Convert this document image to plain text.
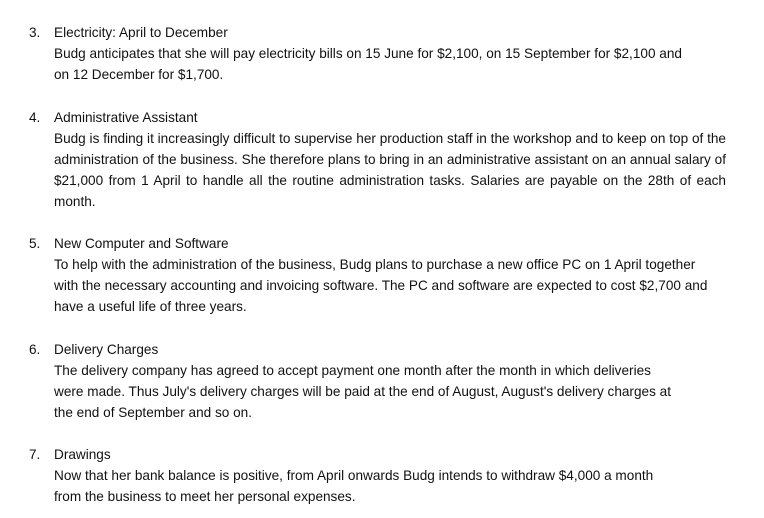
3. Electricity: April to December
Budg anticipates that she will pay electricity bills on 15 June for $2,100, on 15 September for $2,100 and on 12 December for $1,700.
4. Administrative Assistant
Budg is finding it increasingly difficult to supervise her production staff in the workshop and to keep on top of the administration of the business. She therefore plans to bring in an administrative assistant on an annual salary of $21,000 from 1 April to handle all the routine administration tasks. Salaries are payable on the 28th of each month.
5. New Computer and Software
To help with the administration of the business, Budg plans to purchase a new office PC on 1 April together with the necessary accounting and invoicing software. The PC and software are expected to cost $2,700 and have a useful life of three years.
6. Delivery Charges
The delivery company has agreed to accept payment one month after the month in which deliveries were made. Thus July's delivery charges will be paid at the end of August, August's delivery charges at the end of September and so on.
7. Drawings
Now that her bank balance is positive, from April onwards Budg intends to withdraw $4,000 a month from the business to meet her personal expenses.
